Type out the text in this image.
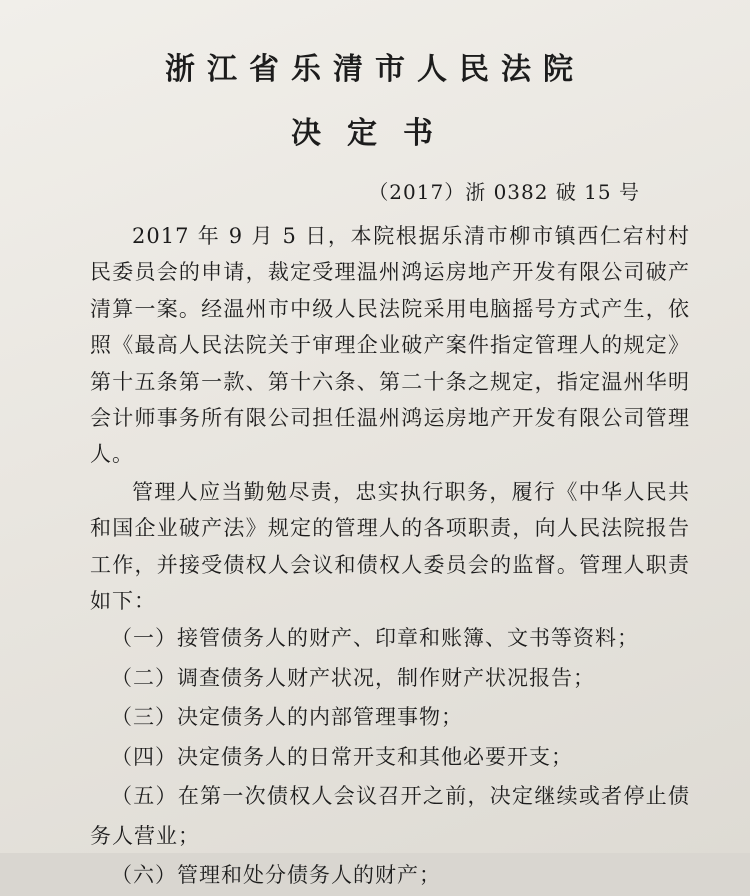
浙江省乐清市人民法院
决定书
（2017）浙 0382 破 15 号

2017 年 9 月 5 日，本院根据乐清市柳市镇西仁宕村村民委员会的申请，裁定受理温州鸿运房地产开发有限公司破产清算一案。经温州市中级人民法院采用电脑摇号方式产生，依照《最高人民法院关于审理企业破产案件指定管理人的规定》第十五条第一款、第十六条、第二十条之规定，指定温州华明会计师事务所有限公司担任温州鸿运房地产开发有限公司管理人。

管理人应当勤勉尽责，忠实执行职务，履行《中华人民共和国企业破产法》规定的管理人的各项职责，向人民法院报告工作，并接受债权人会议和债权人委员会的监督。管理人职责如下：

（一）接管债务人的财产、印章和账簿、文书等资料；

（二）调查债务人财产状况，制作财产状况报告；

（三）决定债务人的内部管理事物；

（四）决定债务人的日常开支和其他必要开支；

（五）在第一次债权人会议召开之前，决定继续或者停止债务人营业；

（六）管理和处分债务人的财产；
